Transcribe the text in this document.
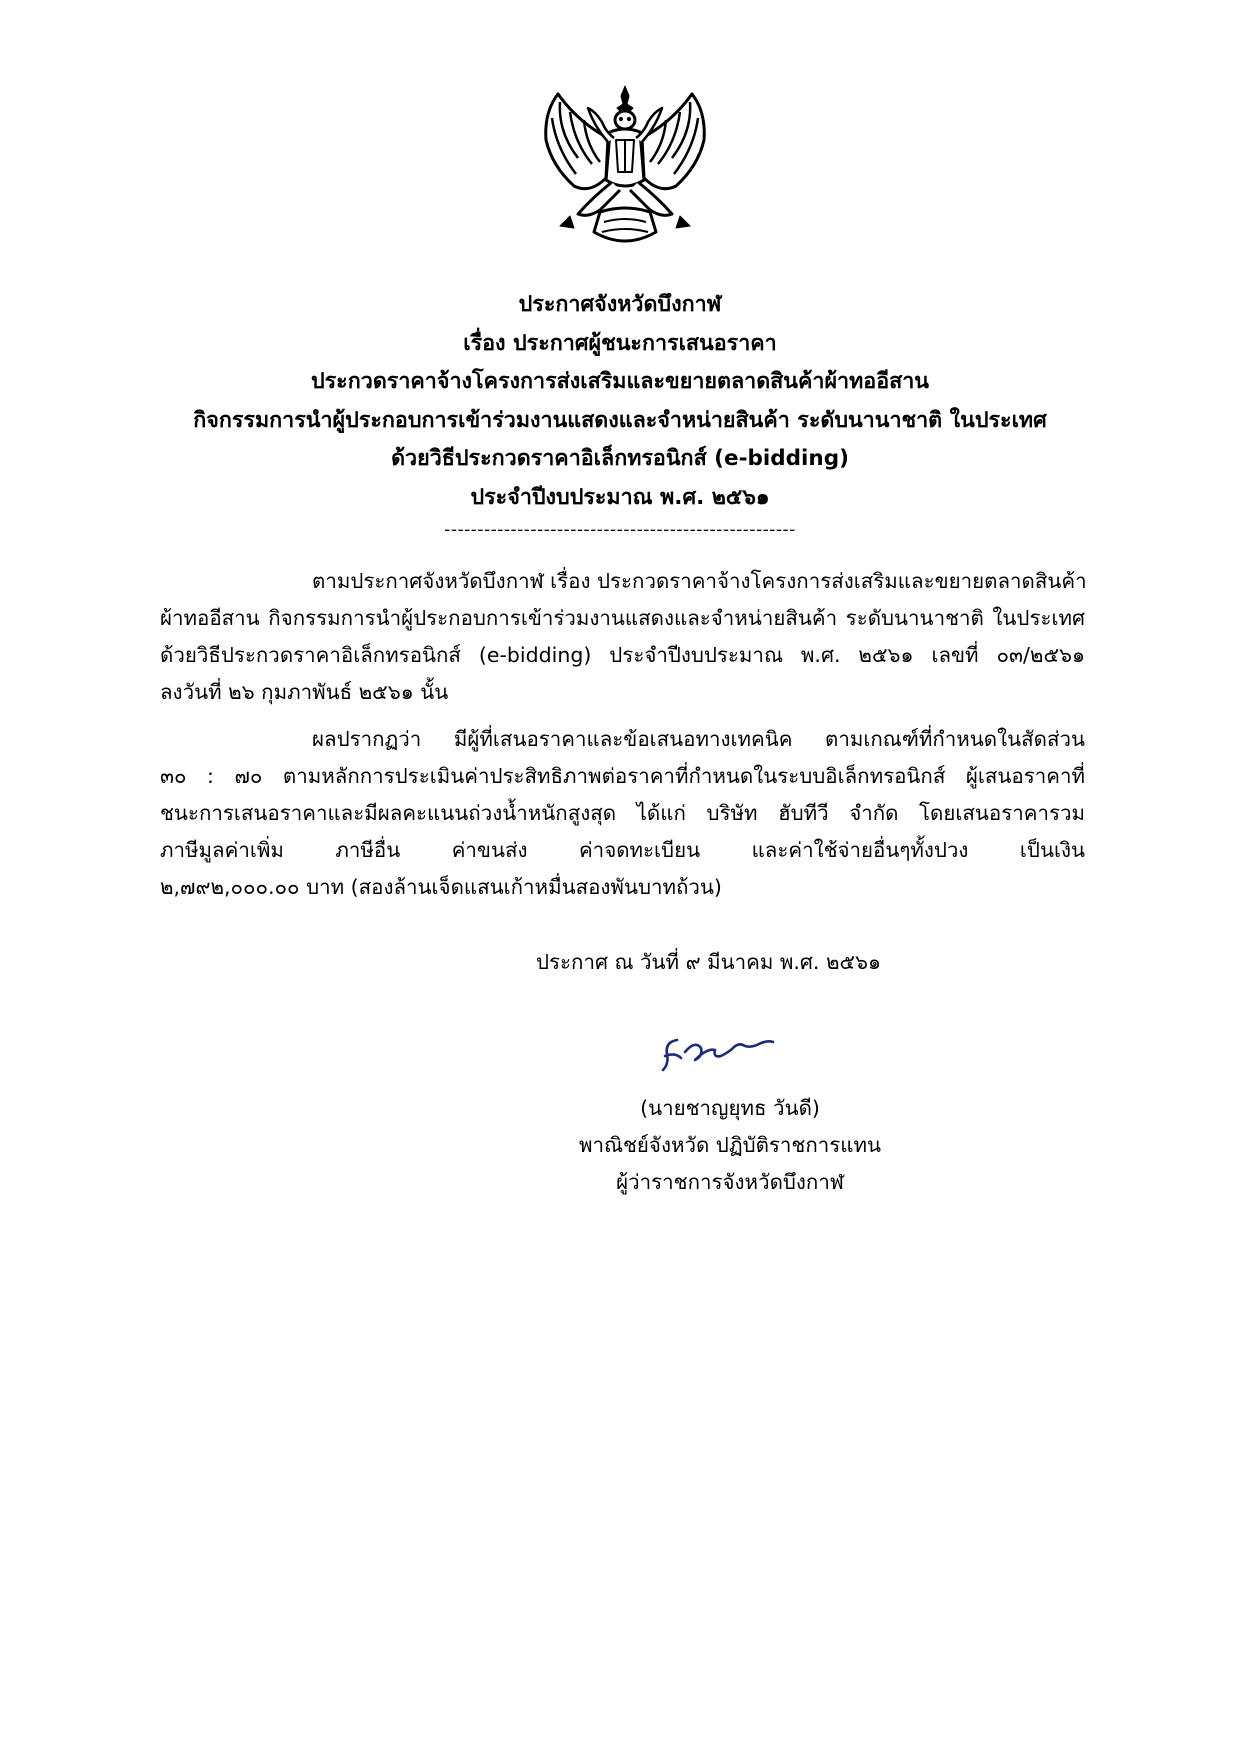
ประกาศจังหวัดบึงกาฬ
เรื่อง ประกาศผู้ชนะการเสนอราคา
ประกวดราคาจ้างโครงการส่งเสริมและขยายตลาดสินค้าผ้าทออีสาน
กิจกรรมการนำผู้ประกอบการเข้าร่วมงานแสดงและจำหน่ายสินค้า ระดับนานาชาติ ในประเทศ
ด้วยวิธีประกวดราคาอิเล็กทรอนิกส์ (e-bidding)
ประจำปีงบประมาณ พ.ศ. ๒๕๖๑
-----------------------------------------------------
ตามประกาศจังหวัดบึงกาฬ เรื่อง ประกวดราคาจ้างโครงการส่งเสริมและขยายตลาดสินค้า
ผ้าทออีสาน กิจกรรมการนำผู้ประกอบการเข้าร่วมงานแสดงและจำหน่ายสินค้า ระดับนานาชาติ ในประเทศ
ด้วยวิธีประกวดราคาอิเล็กทรอนิกส์ (e-bidding) ประจำปีงบประมาณ พ.ศ. ๒๕๖๑ เลขที่ ๐๓/๒๕๖๑
ลงวันที่ ๒๖ กุมภาพันธ์ ๒๕๖๑ นั้น
ผลปรากฏว่า มีผู้ที่เสนอราคาและข้อเสนอทางเทคนิค ตามเกณฑ์ที่กำหนดในสัดส่วน
๓๐ : ๗๐ ตามหลักการประเมินค่าประสิทธิภาพต่อราคาที่กำหนดในระบบอิเล็กทรอนิกส์ ผู้เสนอราคาที่
ชนะการเสนอราคาและมีผลคะแนนถ่วงน้ำหนักสูงสุด ได้แก่ บริษัท ฮับทีวี จำกัด โดยเสนอราคารวม
ภาษีมูลค่าเพิ่ม ภาษีอื่น ค่าขนส่ง ค่าจดทะเบียน และค่าใช้จ่ายอื่นๆทั้งปวง เป็นเงิน
๒,๗๙๒,๐๐๐.๐๐ บาท (สองล้านเจ็ดแสนเก้าหมื่นสองพันบาทถ้วน)
ประกาศ ณ วันที่ ๙ มีนาคม พ.ศ. ๒๕๖๑
(นายชาญยุทธ วันดี)
พาณิชย์จังหวัด ปฏิบัติราชการแทน
ผู้ว่าราชการจังหวัดบึงกาฬ
